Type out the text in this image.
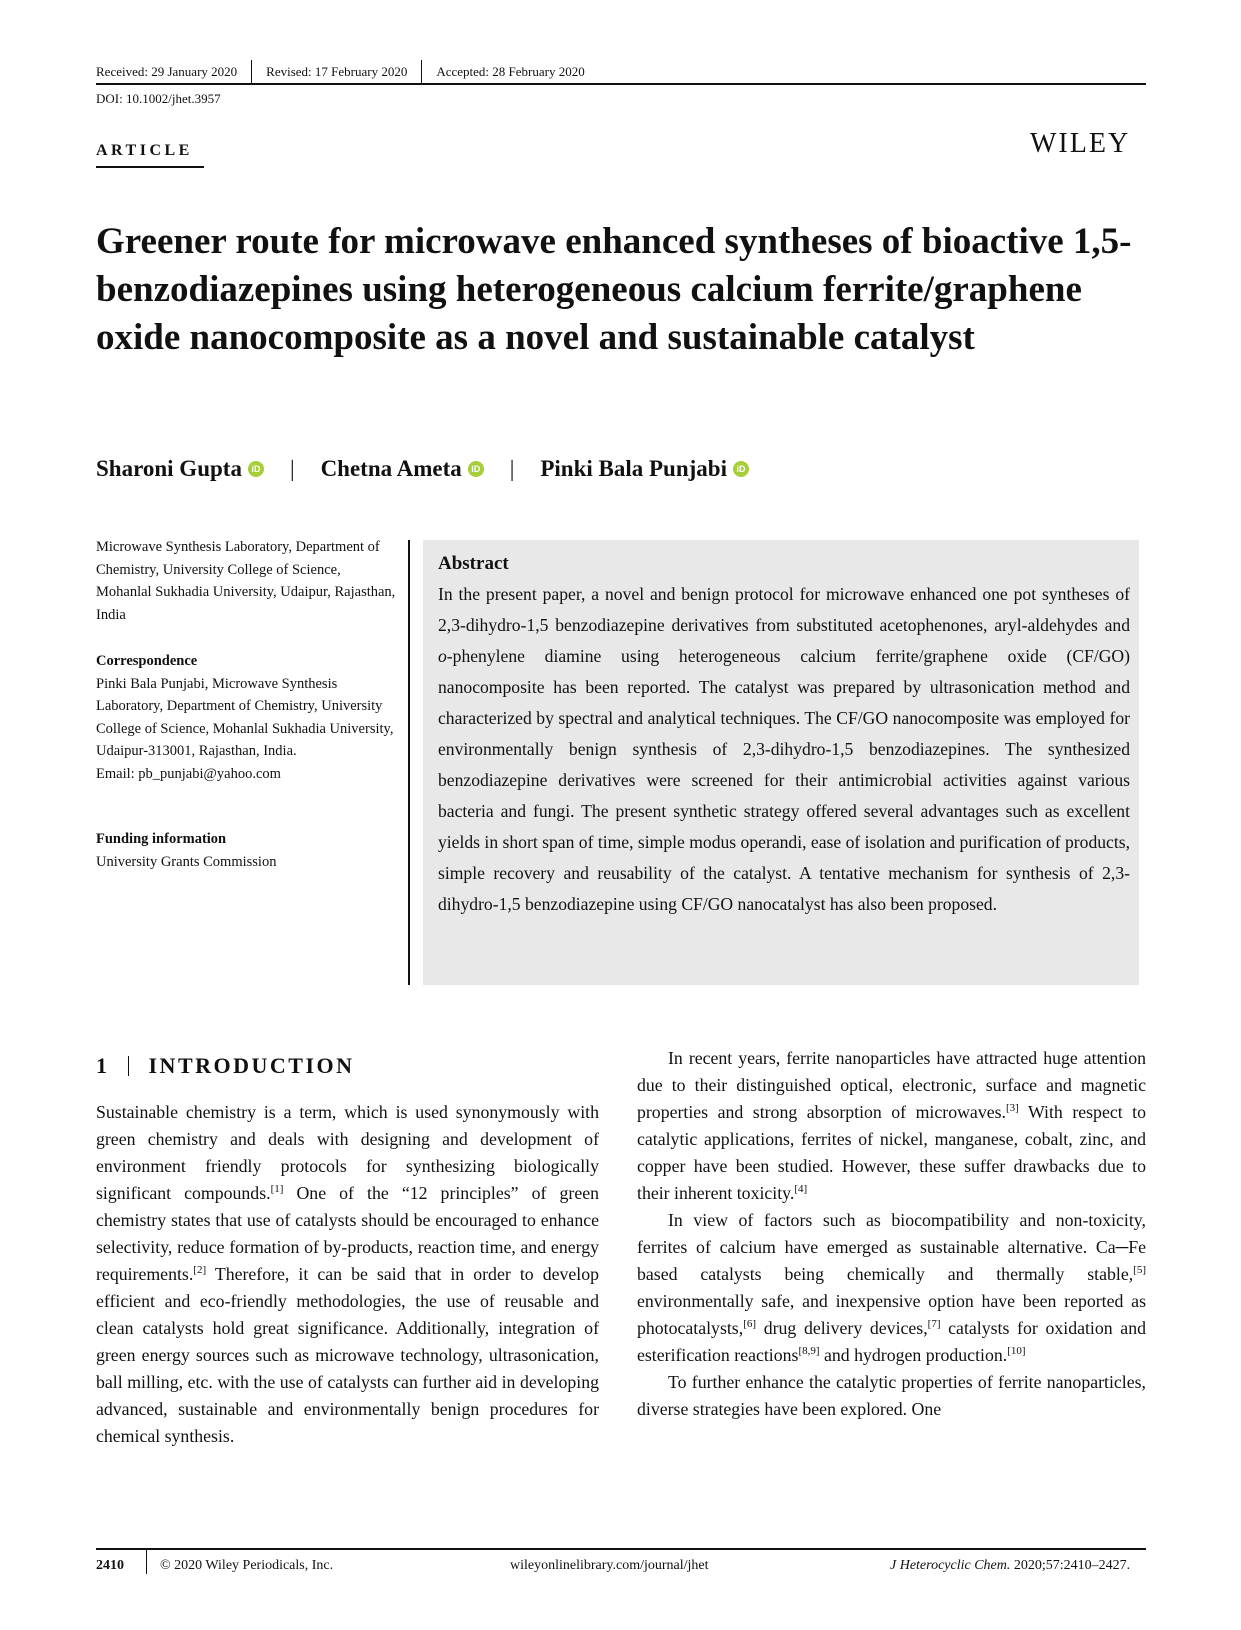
Received: 29 January 2020 Revised: 17 February 2020 Accepted: 28 February 2020
DOI: 10.1002/jhet.3957
ARTICLE	WILEY
Greener route for microwave enhanced syntheses of bioactive 1,5-benzodiazepines using heterogeneous calcium ferrite/graphene oxide nanocomposite as a novel and sustainable catalyst
Sharoni Gupta	iD | Chetna Ameta	iD | Pinki Bala Punjabi	iD
Microwave Synthesis Laboratory, Department of Chemistry, University College of Science, Mohanlal Sukhadia University, Udaipur, Rajasthan, India
Correspondence
Pinki Bala Punjabi, Microwave Synthesis Laboratory, Department of Chemistry, University College of Science, Mohanlal Sukhadia University, Udaipur-313001, Rajasthan, India.
Email: pb_punjabi@yahoo.com
Funding information
University Grants Commission
Abstract
In the present paper, a novel and benign protocol for microwave enhanced one pot syntheses of 2,3-dihydro-1,5 benzodiazepine derivatives from substituted acetophenones, aryl-aldehydes and o-phenylene diamine using heterogeneous calcium ferrite/graphene oxide (CF/GO) nanocomposite has been reported. The catalyst was prepared by ultrasonication method and characterized by spectral and analytical techniques. The CF/GO nanocomposite was employed for environmentally benign synthesis of 2,3-dihydro-1,5 benzodiazepines. The synthesized benzodiazepine derivatives were screened for their antimicrobial activities against various bacteria and fungi. The present synthetic strategy offered several advantages such as excellent yields in short span of time, simple modus operandi, ease of isolation and purification of products, simple recovery and reusability of the catalyst. A tentative mechanism for synthesis of 2,3-dihydro-1,5 benzodiazepine using CF/GO nanocatalyst has also been proposed.
1 INTRODUCTION

Sustainable chemistry is a term, which is used synonymously with green chemistry and deals with designing and development of environment friendly protocols for synthesizing biologically significant compounds.[1] One of the “12 principles” of green chemistry states that use of catalysts should be encouraged to enhance selectivity, reduce formation of by-products, reaction time, and energy requirements.[2] Therefore, it can be said that in order to develop efficient and eco-friendly methodologies, the use of reusable and clean catalysts hold great significance. Additionally, integration of green energy sources such as microwave technology, ultrasonication, ball milling, etc. with the use of catalysts can further aid in developing advanced, sustainable and environmentally benign procedures for chemical synthesis.

In recent years, ferrite nanoparticles have attracted huge attention due to their distinguished optical, electronic, surface and magnetic properties and strong absorption of microwaves.[3] With respect to catalytic applications, ferrites of nickel, manganese, cobalt, zinc, and copper have been studied. However, these suffer drawbacks due to their inherent toxicity.[4]

In view of factors such as biocompatibility and non-toxicity, ferrites of calcium have emerged as sustainable alternative. Ca─Fe based catalysts being chemically and thermally stable,[5] environmentally safe, and inexpensive option have been reported as photocatalysts,[6] drug delivery devices,[7] catalysts for oxidation and esterification reactions[8,9] and hydrogen production.[10]

To further enhance the catalytic properties of ferrite nanoparticles, diverse strategies have been explored. One

2410	© 2020 Wiley Periodicals, Inc.	wileyonlinelibrary.com/journal/jhet	J Heterocyclic Chem. 2020;57:2410–2427.
